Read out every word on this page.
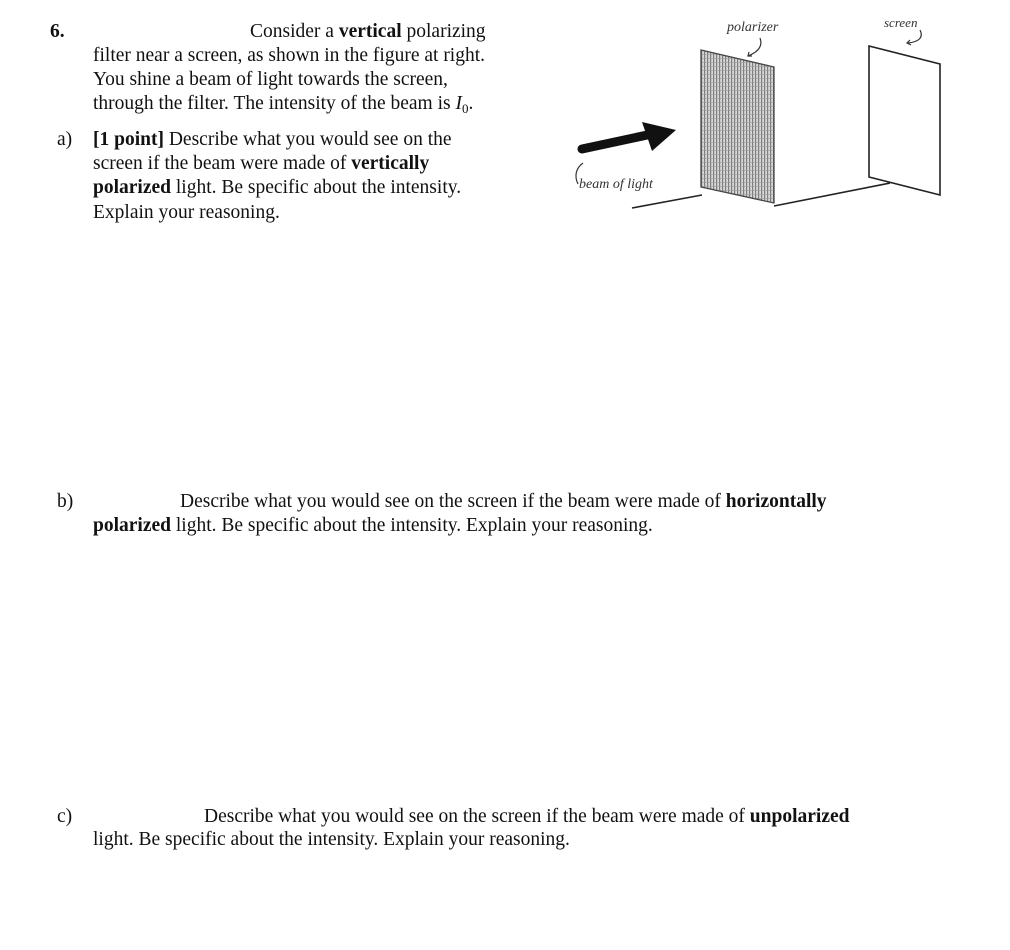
6.	Consider a vertical polarizing
filter near a screen, as shown in the figure at right.
You shine a beam of light towards the screen,
through the filter. The intensity of the beam is $I_0$.
a) [1 point] Describe what you would see on the
screen if the beam were made of vertically
polarized light. Be specific about the intensity.
Explain your reasoning.
polarizer	screen
beam of light
b)	Describe what you would see on the screen if the beam were made of horizontally
polarized light. Be specific about the intensity. Explain your reasoning.
c)	Describe what you would see on the screen if the beam were made of unpolarized
light. Be specific about the intensity. Explain your reasoning.
